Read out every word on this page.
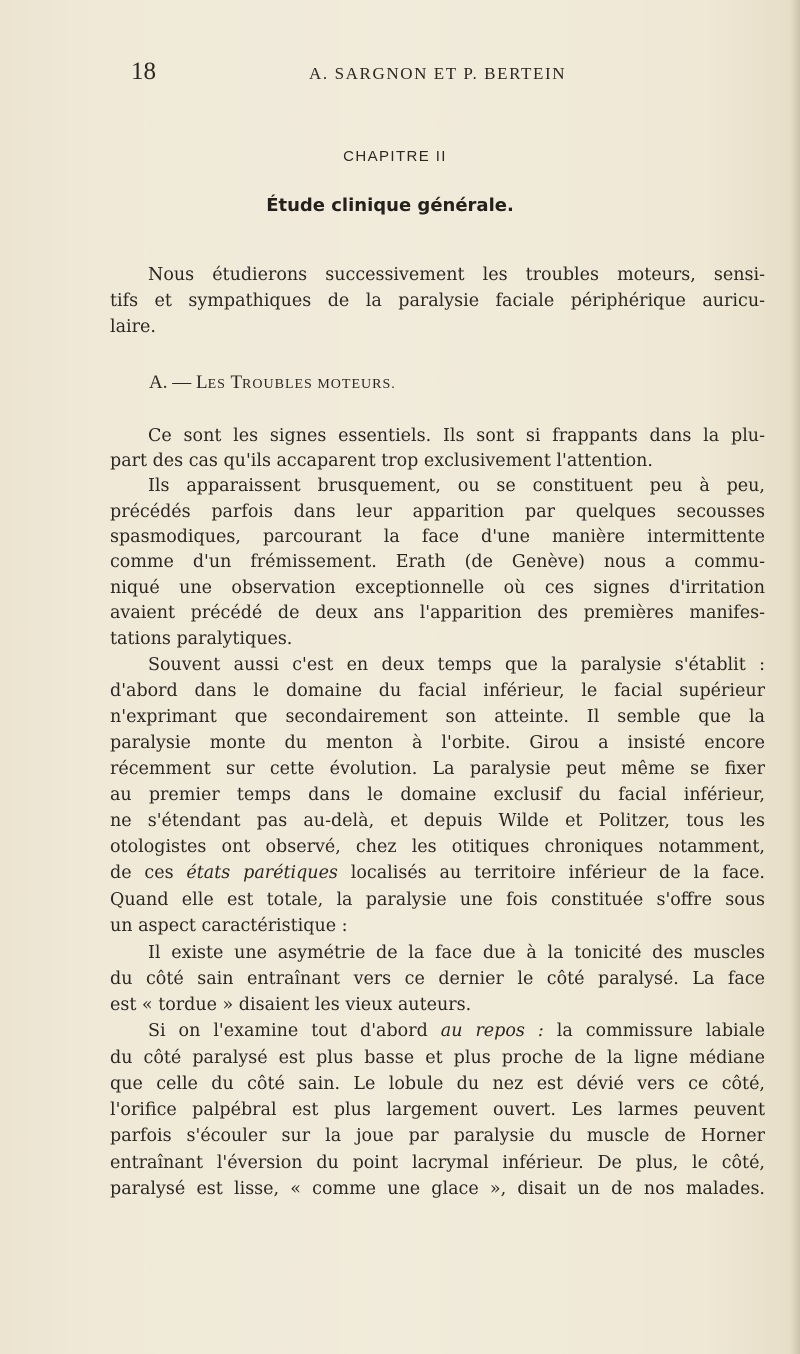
18	A. SARGNON ET P. BERTEIN
CHAPITRE II
Étude clinique générale.
Nous étudierons successivement les troubles moteurs, sensi-
tifs et sympathiques de la paralysie faciale périphérique auricu-
laire.
A. — LES TROUBLES MOTEURS.
Ce sont les signes essentiels. Ils sont si frappants dans la plu-
part des cas qu'ils accaparent trop exclusivement l'attention.
Ils apparaissent brusquement, ou se constituent peu à peu,
précédés parfois dans leur apparition par quelques secousses
spasmodiques, parcourant la face d'une manière intermittente
comme d'un frémissement. Erath (de Genève) nous a commu-
niqué une observation exceptionnelle où ces signes d'irritation
avaient précédé de deux ans l'apparition des premières manifes-
tations paralytiques.
Souvent aussi c'est en deux temps que la paralysie s'établit :
d'abord dans le domaine du facial inférieur, le facial supérieur
n'exprimant que secondairement son atteinte. Il semble que la
paralysie monte du menton à l'orbite. Girou a insisté encore
récemment sur cette évolution. La paralysie peut même se fixer
au premier temps dans le domaine exclusif du facial inférieur,
ne s'étendant pas au-delà, et depuis Wilde et Politzer, tous les
otologistes ont observé, chez les otitiques chroniques notamment,
de ces états parétiques localisés au territoire inférieur de la face.
Quand elle est totale, la paralysie une fois constituée s'offre sous
un aspect caractéristique :
Il existe une asymétrie de la face due à la tonicité des muscles
du côté sain entraînant vers ce dernier le côté paralysé. La face
est « tordue » disaient les vieux auteurs.
Si on l'examine tout d'abord au repos : la commissure labiale
du côté paralysé est plus basse et plus proche de la ligne médiane
que celle du côté sain. Le lobule du nez est dévié vers ce côté,
l'orifice palpébral est plus largement ouvert. Les larmes peuvent
parfois s'écouler sur la joue par paralysie du muscle de Horner
entraînant l'éversion du point lacrymal inférieur. De plus, le côté,
paralysé est lisse, « comme une glace », disait un de nos malades.
